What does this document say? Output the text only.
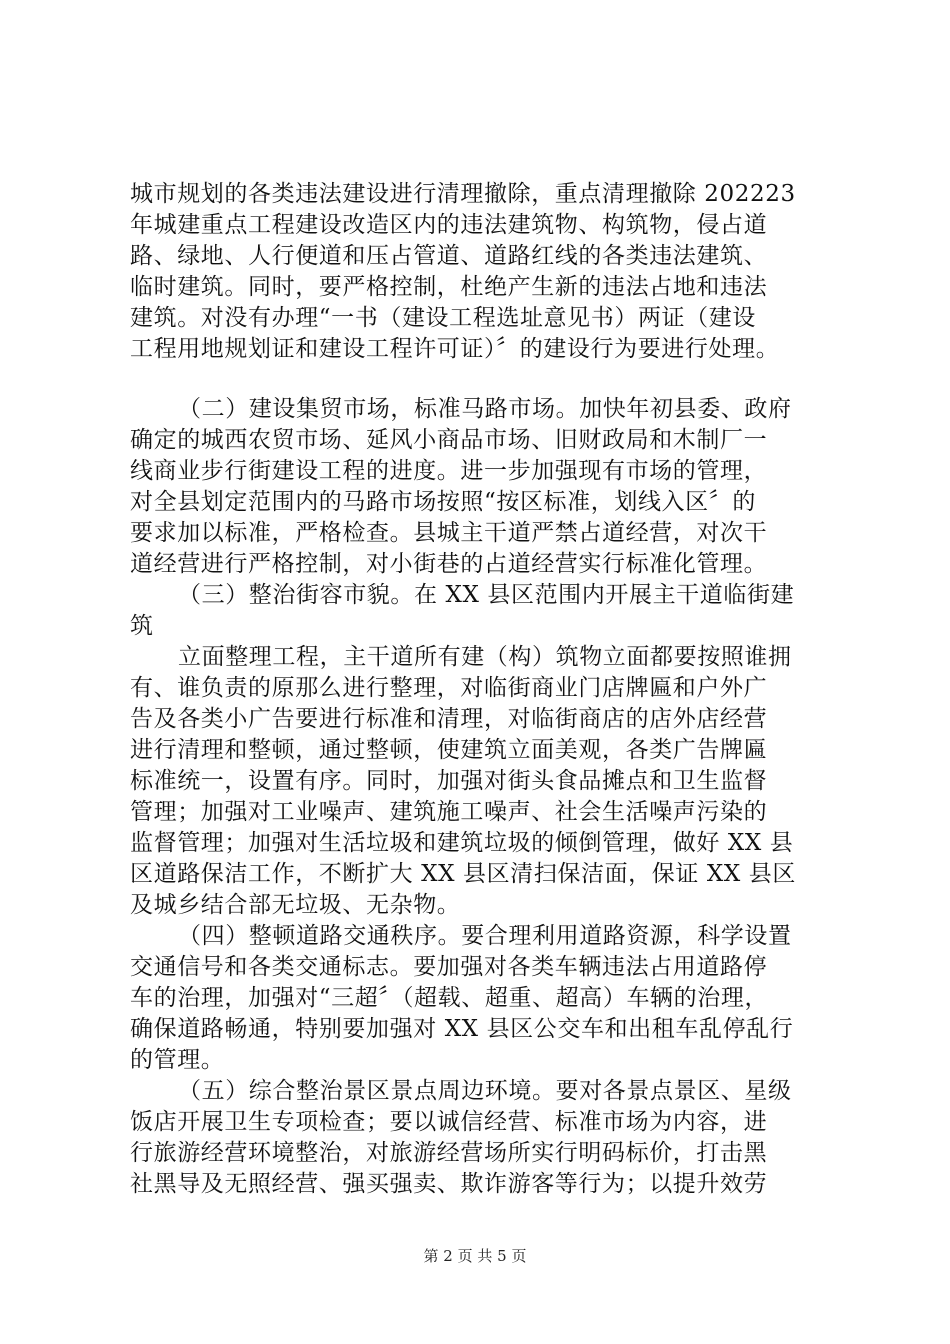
城市规划的各类违法建设进行清理撤除，重点清理撤除 202223
年城建重点工程建设改造区内的违法建筑物、构筑物，侵占道
路、绿地、人行便道和压占管道、道路红线的各类违法建筑、
临时建筑。同时，要严格控制，杜绝产生新的违法占地和违法
建筑。对没有办理“一书（建设工程选址意见书）两证（建设
工程用地规划证和建设工程许可证）〞的建设行为要进行处理。
（二）建设集贸市场，标准马路市场。加快年初县委、政府
确定的城西农贸市场、延风小商品市场、旧财政局和木制厂一
线商业步行街建设工程的进度。进一步加强现有市场的管理，
对全县划定范围内的马路市场按照“按区标准，划线入区〞的
要求加以标准，严格检查。县城主干道严禁占道经营，对次干
道经营进行严格控制，对小街巷的占道经营实行标准化管理。
（三）整治街容市貌。在 XX 县区范围内开展主干道临街建
筑
立面整理工程，主干道所有建（构）筑物立面都要按照谁拥
有、谁负责的原那么进行整理，对临街商业门店牌匾和户外广
告及各类小广告要进行标准和清理，对临街商店的店外店经营
进行清理和整顿，通过整顿，使建筑立面美观，各类广告牌匾
标准统一，设置有序。同时，加强对街头食品摊点和卫生监督
管理；加强对工业噪声、建筑施工噪声、社会生活噪声污染的
监督管理；加强对生活垃圾和建筑垃圾的倾倒管理，做好 XX 县
区道路保洁工作，不断扩大 XX 县区清扫保洁面，保证 XX 县区
及城乡结合部无垃圾、无杂物。
（四）整顿道路交通秩序。要合理利用道路资源，科学设置
交通信号和各类交通标志。要加强对各类车辆违法占用道路停
车的治理，加强对“三超〞（超载、超重、超高）车辆的治理，
确保道路畅通，特别要加强对 XX 县区公交车和出租车乱停乱行
的管理。
（五）综合整治景区景点周边环境。要对各景点景区、星级
饭店开展卫生专项检查；要以诚信经营、标准市场为内容，进
行旅游经营环境整治，对旅游经营场所实行明码标价，打击黑
社黑导及无照经营、强买强卖、欺诈游客等行为；以提升效劳
第 2 页 共 5 页
